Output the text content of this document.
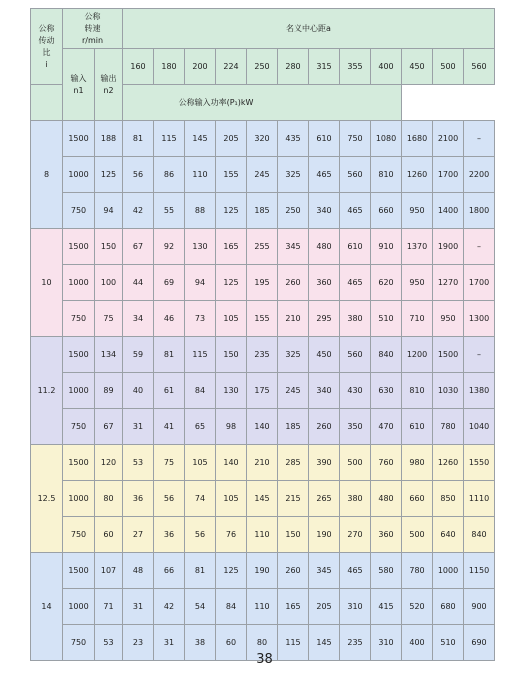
公称
传动
比
i	公称
转速
r/min		名义中心距a											
	输入
n1	输出
n2	160	180	200	224	250	280	315	355	400	450	500	560
公称输入功率(P₁)kW														
8	1500	188	81	115	145	205	320	435	610	750	1080	1680	2100	–
	1000	125	56	86	110	155	245	325	465	560	810	1260	1700	2200
	750	94	42	55	88	125	185	250	340	465	660	950	1400	1800
10	1500	150	67	92	130	165	255	345	480	610	910	1370	1900	–
	1000	100	44	69	94	125	195	260	360	465	620	950	1270	1700
	750	75	34	46	73	105	155	210	295	380	510	710	950	1300
11.2	1500	134	59	81	115	150	235	325	450	560	840	1200	1500	–
	1000	89	40	61	84	130	175	245	340	430	630	810	1030	1380
	750	67	31	41	65	98	140	185	260	350	470	610	780	1040
12.5	1500	120	53	75	105	140	210	285	390	500	760	980	1260	1550
	1000	80	36	56	74	105	145	215	265	380	480	660	850	1110
	750	60	27	36	56	76	110	150	190	270	360	500	640	840
14	1500	107	48	66	81	125	190	260	345	465	580	780	1000	1150
	1000	71	31	42	54	84	110	165	205	310	415	520	680	900
	750	53	23	31	38	60	80	115	145	235	310	400	510	690
38
